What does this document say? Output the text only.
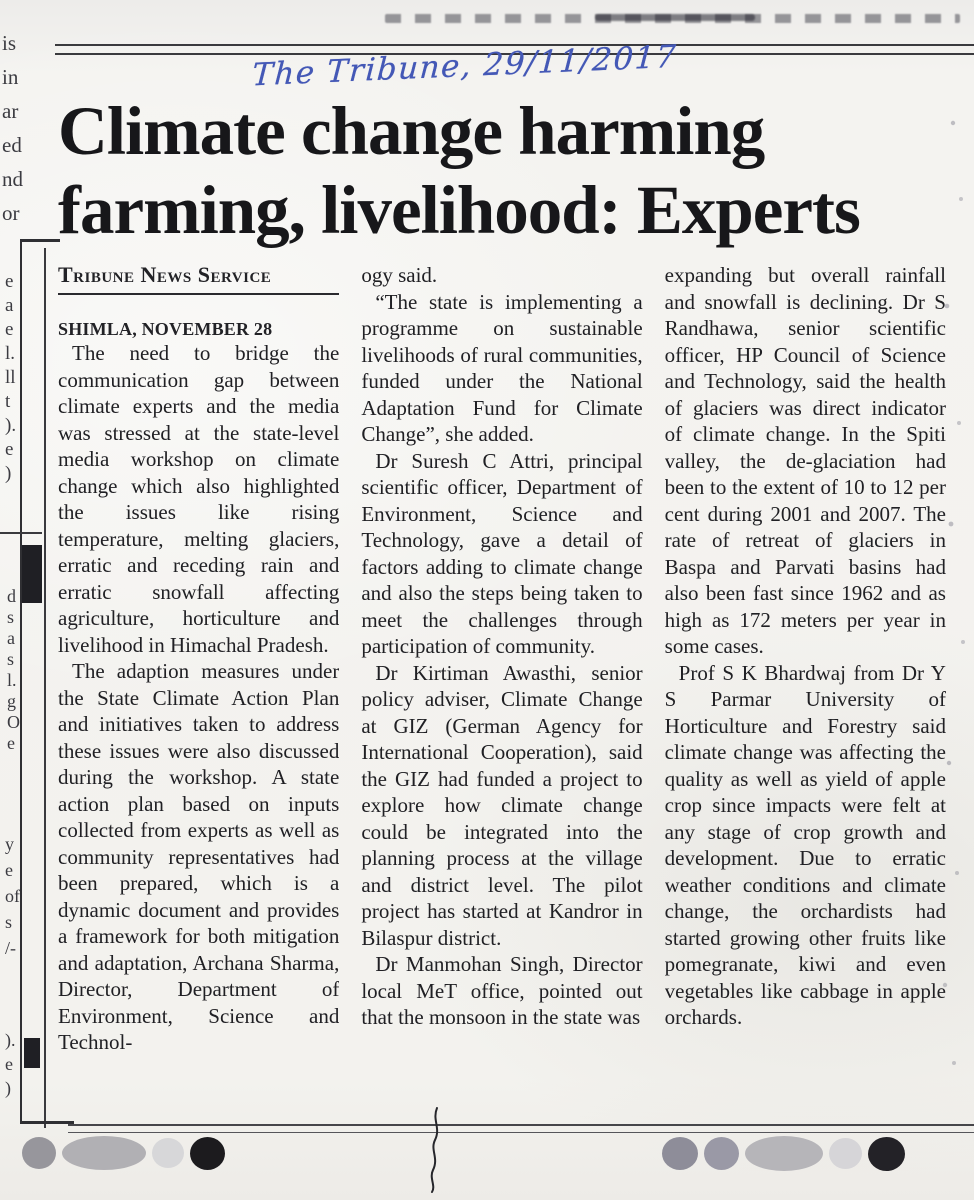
is
in
ar
ed
nd
or
e
a
e
l.
ll
t
).
e
)
d
s
a
s
l.
g
O
e
y
e
of
s
/-
).
e
)
The Tribune, 29/11/2017
Climate change harming
farming, livelihood: Experts
Tribune News Service
SHIMLA, NOVEMBER 28

The need to bridge the communication gap between climate experts and the media was stressed at the state-level media workshop on climate change which also highlighted the issues like rising temperature, melting glaciers, erratic and receding rain and erratic snowfall affecting agriculture, horticulture and livelihood in Himachal Pradesh.

The adaption measures under the State Climate Action Plan and initiatives taken to address these issues were also discussed during the workshop. A state action plan based on inputs collected from experts as well as community representatives had been prepared, which is a dynamic document and provides a framework for both mitigation and adaptation, Archana Sharma, Director, Department of Environment, Science and Technol-

ogy said.

“The state is implementing a programme on sustainable livelihoods of rural communities, funded under the National Adaptation Fund for Climate Change”, she added.

Dr Suresh C Attri, principal scientific officer, Department of Environment, Science and Technology, gave a detail of factors adding to climate change and also the steps being taken to meet the challenges through participation of community.

Dr Kirtiman Awasthi, senior policy adviser, Climate Change at GIZ (German Agency for International Cooperation), said the GIZ had funded a project to explore how climate change could be integrated into the planning process at the village and district level. The pilot project has started at Kandror in Bilaspur district.

Dr Manmohan Singh, Director local MeT office, pointed out that the monsoon in the state was

expanding but overall rainfall and snowfall is declining. Dr S Randhawa, senior scientific officer, HP Council of Science and Technology, said the health of glaciers was direct indicator of climate change. In the Spiti valley, the de-glaciation had been to the extent of 10 to 12 per cent during 2001 and 2007. The rate of retreat of glaciers in Baspa and Parvati basins had also been fast since 1962 and as high as 172 meters per year in some cases.

Prof S K Bhardwaj from Dr Y S Parmar University of Horticulture and Forestry said climate change was affecting the quality as well as yield of apple crop since impacts were felt at any stage of crop growth and development. Due to erratic weather conditions and climate change, the orchardists had started growing other fruits like pomegranate, kiwi and even vegetables like cabbage in apple orchards.
